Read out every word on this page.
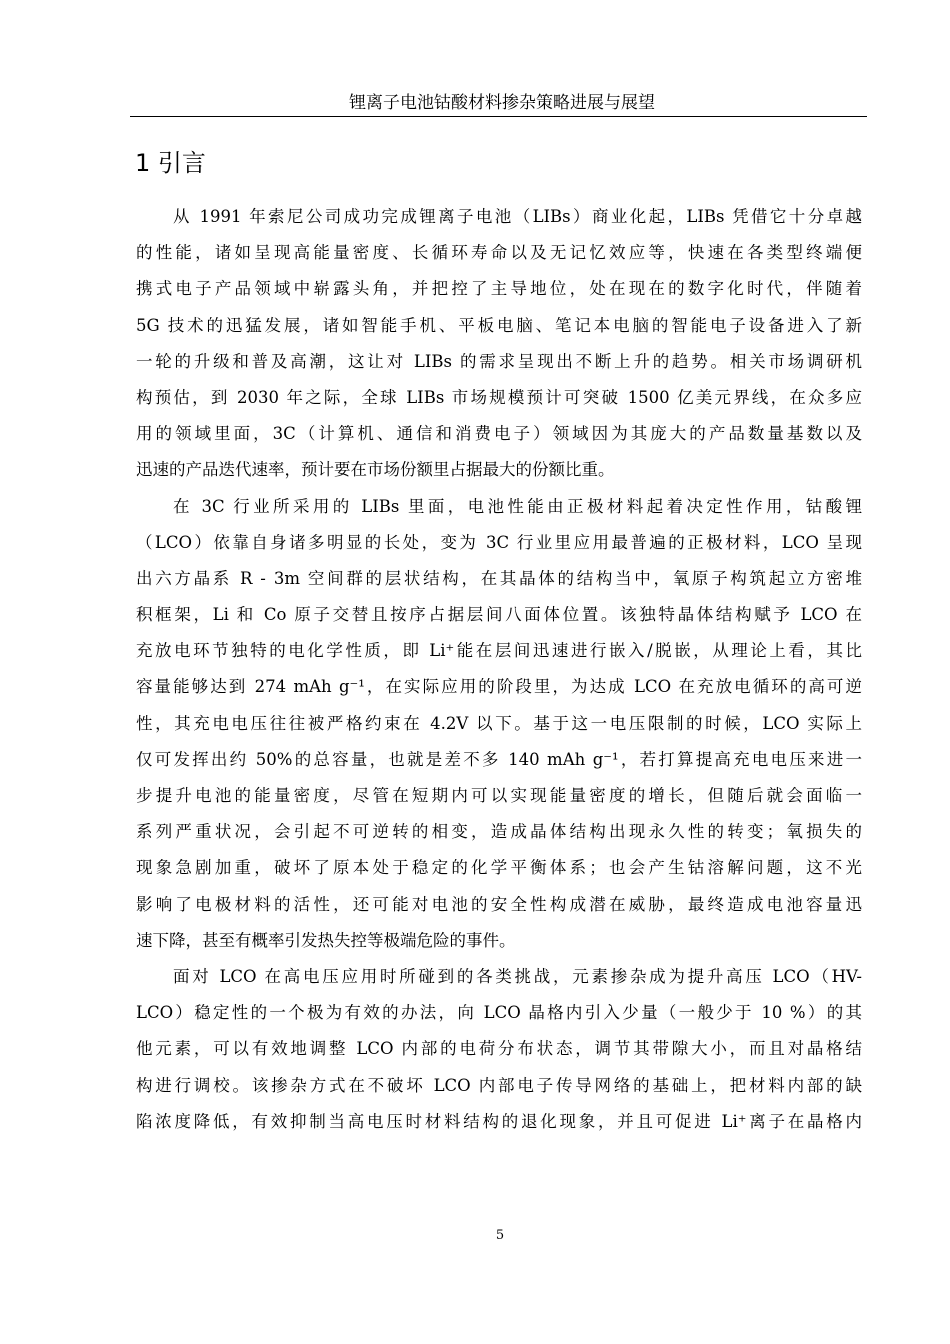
锂离子电池钴酸材料掺杂策略进展与展望
1 引言
从 1991 年索尼公司成功完成锂离子电池（LIBs）商业化起，LIBs 凭借它十分卓越
的性能，诸如呈现高能量密度、长循环寿命以及无记忆效应等，快速在各类型终端便
携式电子产品领域中崭露头角，并把控了主导地位，处在现在的数字化时代，伴随着
5G 技术的迅猛发展，诸如智能手机、平板电脑、笔记本电脑的智能电子设备进入了新
一轮的升级和普及高潮，这让对 LIBs 的需求呈现出不断上升的趋势。相关市场调研机
构预估，到 2030 年之际，全球 LIBs 市场规模预计可突破 1500 亿美元界线，在众多应
用的领域里面，3C（计算机、通信和消费电子）领域因为其庞大的产品数量基数以及
迅速的产品迭代速率，预计要在市场份额里占据最大的份额比重。
在 3C 行业所采用的 LIBs 里面，电池性能由正极材料起着决定性作用，钴酸锂
（LCO）依靠自身诸多明显的长处，变为 3C 行业里应用最普遍的正极材料，LCO 呈现
出六方晶系 R - 3m 空间群的层状结构，在其晶体的结构当中，氧原子构筑起立方密堆
积框架，Li 和 Co 原子交替且按序占据层间八面体位置。该独特晶体结构赋予 LCO 在
充放电环节独特的电化学性质，即 Li⁺能在层间迅速进行嵌入/脱嵌，从理论上看，其比
容量能够达到 274 mAh g⁻¹，在实际应用的阶段里，为达成 LCO 在充放电循环的高可逆
性，其充电电压往往被严格约束在 4.2V 以下。基于这一电压限制的时候，LCO 实际上
仅可发挥出约 50%的总容量，也就是差不多 140 mAh g⁻¹，若打算提高充电电压来进一
步提升电池的能量密度，尽管在短期内可以实现能量密度的增长，但随后就会面临一
系列严重状况，会引起不可逆转的相变，造成晶体结构出现永久性的转变；氧损失的
现象急剧加重，破坏了原本处于稳定的化学平衡体系；也会产生钴溶解问题，这不光
影响了电极材料的活性，还可能对电池的安全性构成潜在威胁，最终造成电池容量迅
速下降，甚至有概率引发热失控等极端危险的事件。
面对 LCO 在高电压应用时所碰到的各类挑战，元素掺杂成为提升高压 LCO（HV-
LCO）稳定性的一个极为有效的办法，向 LCO 晶格内引入少量（一般少于 10 %）的其
他元素，可以有效地调整 LCO 内部的电荷分布状态，调节其带隙大小，而且对晶格结
构进行调校。该掺杂方式在不破坏 LCO 内部电子传导网络的基础上，把材料内部的缺
陷浓度降低，有效抑制当高电压时材料结构的退化现象，并且可促进 Li⁺离子在晶格内
5
